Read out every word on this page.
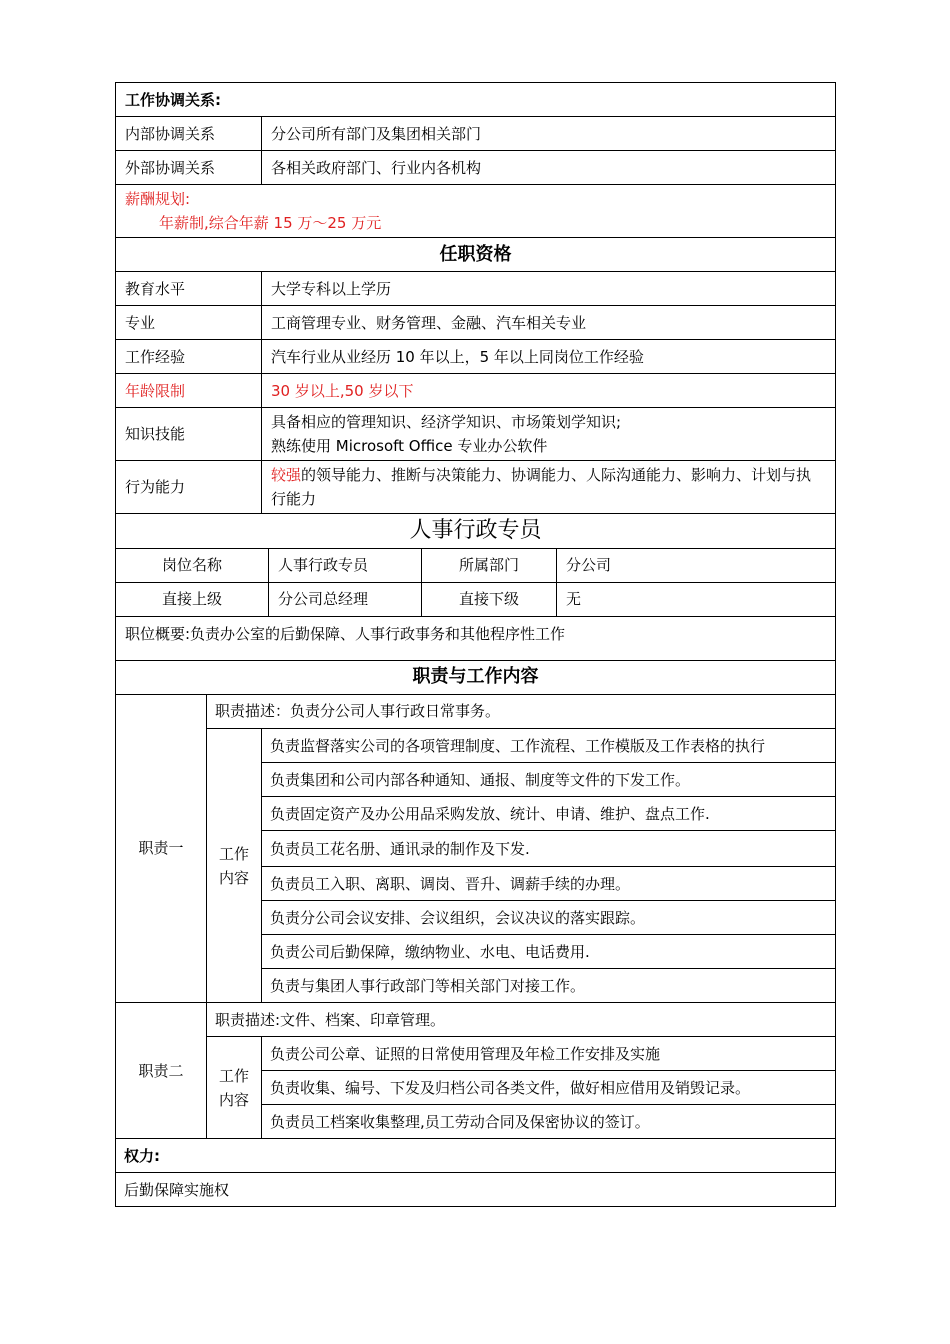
工作协调关系:	
内部协调关系	分公司所有部门及集团相关部门
外部协调关系	各相关政府部门、行业内各机构

薪酬规划:
年薪制,综合年薪 15 万～25 万元	

任职资格	
教育水平	大学专科以上学历
专业	工商管理专业、财务管理、金融、汽车相关专业
工作经验	汽车行业从业经历 10 年以上，5 年以上同岗位工作经验
年龄限制	30 岁以上,50 岁以下
知识技能	具备相应的管理知识、经济学知识、市场策划学知识;
熟练使用 Microsoft Office 专业办公软件

行为能力	较强的领导能力、推断与决策能力、协调能力、人际沟通能力、影响力、计划与执行能力
人事行政专员			
岗位名称	人事行政专员	所属部门	分公司
直接上级	分公司总经理	直接下级	无
职位概要:负责办公室的后勤保障、人事行政事务和其他程序性工作			
职责与工作内容			
职责一	职责描述：负责分公司人事行政日常事务。	
	工作内容	负责监督落实公司的各项管理制度、工作流程、工作模版及工作表格的执行
		负责集团和公司内部各种通知、通报、制度等文件的下发工作。
		负责固定资产及办公用品采购发放、统计、申请、维护、盘点工作.
		负责员工花名册、通讯录的制作及下发.
		负责员工入职、离职、调岗、晋升、调薪手续的办理。
		负责分公司会议安排、会议组织，会议决议的落实跟踪。
		负责公司后勤保障，缴纳物业、水电、电话费用.
		负责与集团人事行政部门等相关部门对接工作。
职责二	职责描述:文件、档案、印章管理。	
	工作内容	负责公司公章、证照的日常使用管理及年检工作安排及实施
		负责收集、编号、下发及归档公司各类文件，做好相应借用及销毁记录。
		负责员工档案收集整理,员工劳动合同及保密协议的签订。
权力:		
后勤保障实施权		
